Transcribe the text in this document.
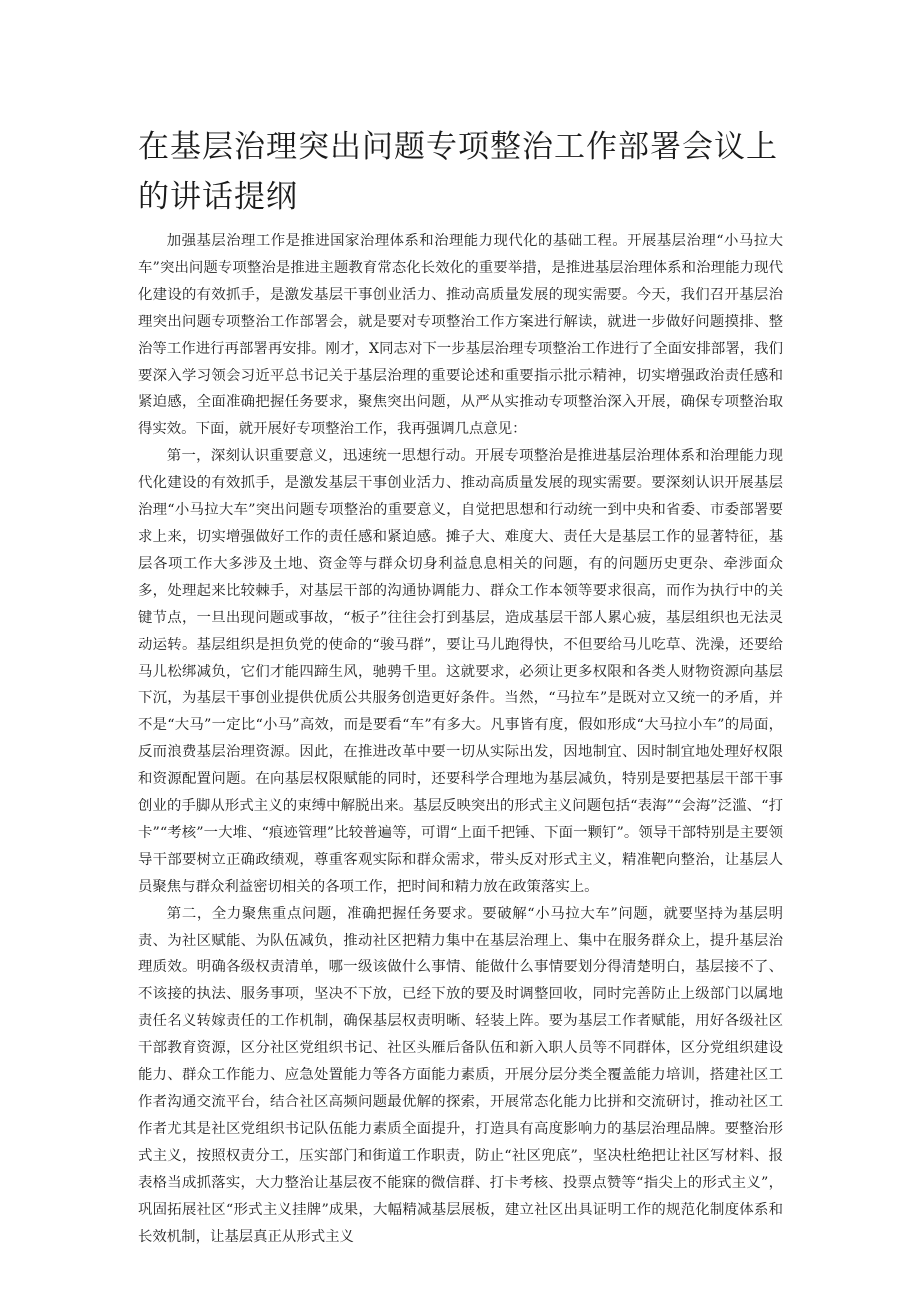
在基层治理突出问题专项整治工作部署会议上的讲话提纲

加强基层治理工作是推进国家治理体系和治理能力现代化的基础工程。开展基层治理“小马拉大车”突出问题专项整治是推进主题教育常态化长效化的重要举措，是推进基层治理体系和治理能力现代化建设的有效抓手，是激发基层干事创业活力、推动高质量发展的现实需要。今天，我们召开基层治理突出问题专项整治工作部署会，就是要对专项整治工作方案进行解读，就进一步做好问题摸排、整治等工作进行再部署再安排。刚才，X同志对下一步基层治理专项整治工作进行了全面安排部署，我们要深入学习领会习近平总书记关于基层治理的重要论述和重要指示批示精神，切实增强政治责任感和紧迫感，全面准确把握任务要求，聚焦突出问题，从严从实推动专项整治深入开展，确保专项整治取得实效。下面，就开展好专项整治工作，我再强调几点意见：

第一，深刻认识重要意义，迅速统一思想行动。开展专项整治是推进基层治理体系和治理能力现代化建设的有效抓手，是激发基层干事创业活力、推动高质量发展的现实需要。要深刻认识开展基层治理“小马拉大车”突出问题专项整治的重要意义，自觉把思想和行动统一到中央和省委、市委部署要求上来，切实增强做好工作的责任感和紧迫感。摊子大、难度大、责任大是基层工作的显著特征，基层各项工作大多涉及土地、资金等与群众切身利益息息相关的问题，有的问题历史更杂、牵涉面众多，处理起来比较棘手，对基层干部的沟通协调能力、群众工作本领等要求很高，而作为执行中的关键节点，一旦出现问题或事故，“板子”往往会打到基层，造成基层干部人累心疲，基层组织也无法灵动运转。基层组织是担负党的使命的“骏马群”，要让马儿跑得快，不但要给马儿吃草、洗澡，还要给马儿松绑减负，它们才能四蹄生风，驰骋千里。这就要求，必须让更多权限和各类人财物资源向基层下沉，为基层干事创业提供优质公共服务创造更好条件。当然，“马拉车”是既对立又统一的矛盾，并不是“大马”一定比“小马”高效，而是要看“车”有多大。凡事皆有度，假如形成“大马拉小车”的局面，反而浪费基层治理资源。因此，在推进改革中要一切从实际出发，因地制宜、因时制宜地处理好权限和资源配置问题。在向基层权限赋能的同时，还要科学合理地为基层减负，特别是要把基层干部干事创业的手脚从形式主义的束缚中解脱出来。基层反映突出的形式主义问题包括“表海”“会海”泛滥、“打卡”“考核”一大堆、“痕迹管理”比较普遍等，可谓“上面千把锤、下面一颗钉”。领导干部特别是主要领导干部要树立正确政绩观，尊重客观实际和群众需求，带头反对形式主义，精准靶向整治，让基层人员聚焦与群众利益密切相关的各项工作，把时间和精力放在政策落实上。

第二，全力聚焦重点问题，准确把握任务要求。要破解“小马拉大车”问题，就要坚持为基层明责、为社区赋能、为队伍减负，推动社区把精力集中在基层治理上、集中在服务群众上，提升基层治理质效。明确各级权责清单，哪一级该做什么事情、能做什么事情要划分得清楚明白，基层接不了、不该接的执法、服务事项，坚决不下放，已经下放的要及时调整回收，同时完善防止上级部门以属地责任名义转嫁责任的工作机制，确保基层权责明晰、轻装上阵。要为基层工作者赋能，用好各级社区干部教育资源，区分社区党组织书记、社区头雁后备队伍和新入职人员等不同群体，区分党组织建设能力、群众工作能力、应急处置能力等各方面能力素质，开展分层分类全覆盖能力培训，搭建社区工作者沟通交流平台，结合社区高频问题最优解的探索，开展常态化能力比拼和交流研讨，推动社区工作者尤其是社区党组织书记队伍能力素质全面提升，打造具有高度影响力的基层治理品牌。要整治形式主义，按照权责分工，压实部门和街道工作职责，防止“社区兜底”，坚决杜绝把让社区写材料、报表格当成抓落实，大力整治让基层夜不能寐的微信群、打卡考核、投票点赞等“指尖上的形式主义”，巩固拓展社区“形式主义挂牌”成果，大幅精减基层展板，建立社区出具证明工作的规范化制度体系和长效机制，让基层真正从形式主义
